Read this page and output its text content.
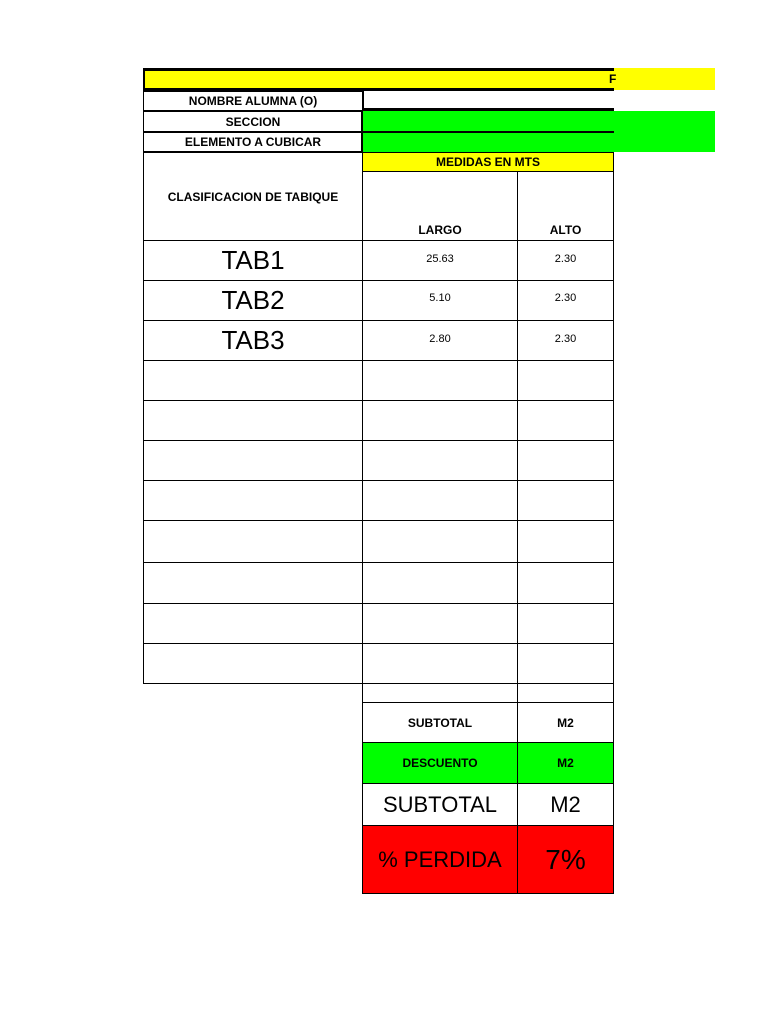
F
NOMBRE ALUMNA (O)
SECCION
ELEMENTO A CUBICAR
CLASIFICACION DE TABIQUE
MEDIDAS EN MTS
LARGO	ALTO
TAB1	25.63	2.30
TAB2	5.10	2.30
TAB3	2.80	2.30
SUBTOTAL	M2
DESCUENTO	M2
SUBTOTAL	M2
% PERDIDA	7%
